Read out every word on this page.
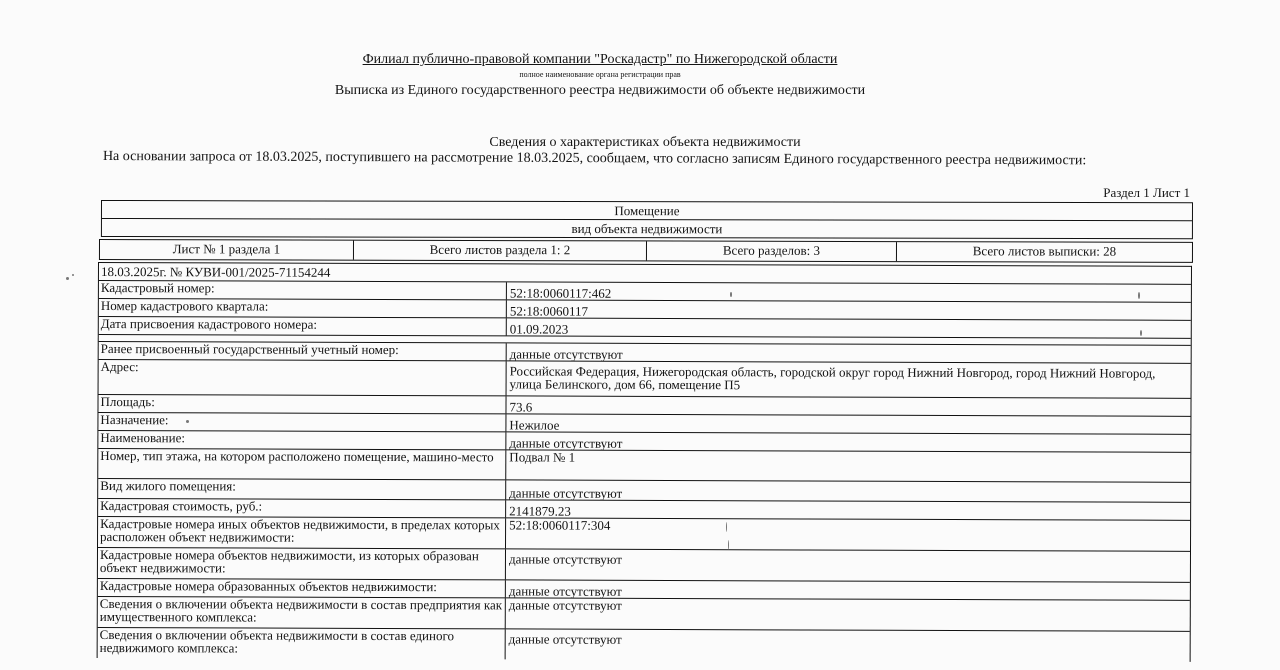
Филиал публично-правовой компании "Роскадастр" по Нижегородской области
полное наименование органа регистрации прав
Выписка из Единого государственного реестра недвижимости об объекте недвижимости
Сведения о характеристиках объекта недвижимости
На основании запроса от 18.03.2025, поступившего на рассмотрение 18.03.2025, сообщаем, что согласно записям Единого государственного реестра недвижимости:
Раздел 1 Лист 1
Помещение
вид объекта недвижимости
Лист № 1 раздела 1	Всего листов раздела 1: 2	Всего разделов: 3	Всего листов выписки: 28
18.03.2025г. № КУВИ-001/2025-71154244
Кадастровый номер:	52:18:0060117:462
Номер кадастрового квартала:	52:18:0060117
Дата присвоения кадастрового номера:	01.09.2023
Ранее присвоенный государственный учетный номер:	данные отсутствуют
Адрес:	Российская Федерация, Нижегородская область, городской округ город Нижний Новгород, город Нижний Новгород, улица Белинского, дом 66, помещение П5
Площадь:	73.6
Назначение:	Нежилое
Наименование:	данные отсутствуют
Номер, тип этажа, на котором расположено помещение, машино-место	Подвал № 1
Вид жилого помещения:	данные отсутствуют
Кадастровая стоимость, руб.:	2141879.23
Кадастровые номера иных объектов недвижимости, в пределах которых расположен объект недвижимости:
52:18:0060117:304
Кадастровые номера объектов недвижимости, из которых образован объект недвижимости:
данные отсутствуют
Кадастровые номера образованных объектов недвижимости:	данные отсутствуют
Сведения о включении объекта недвижимости в состав предприятия как имущественного комплекса:
данные отсутствуют
Сведения о включении объекта недвижимости в состав единого недвижимого комплекса:
данные отсутствуют
